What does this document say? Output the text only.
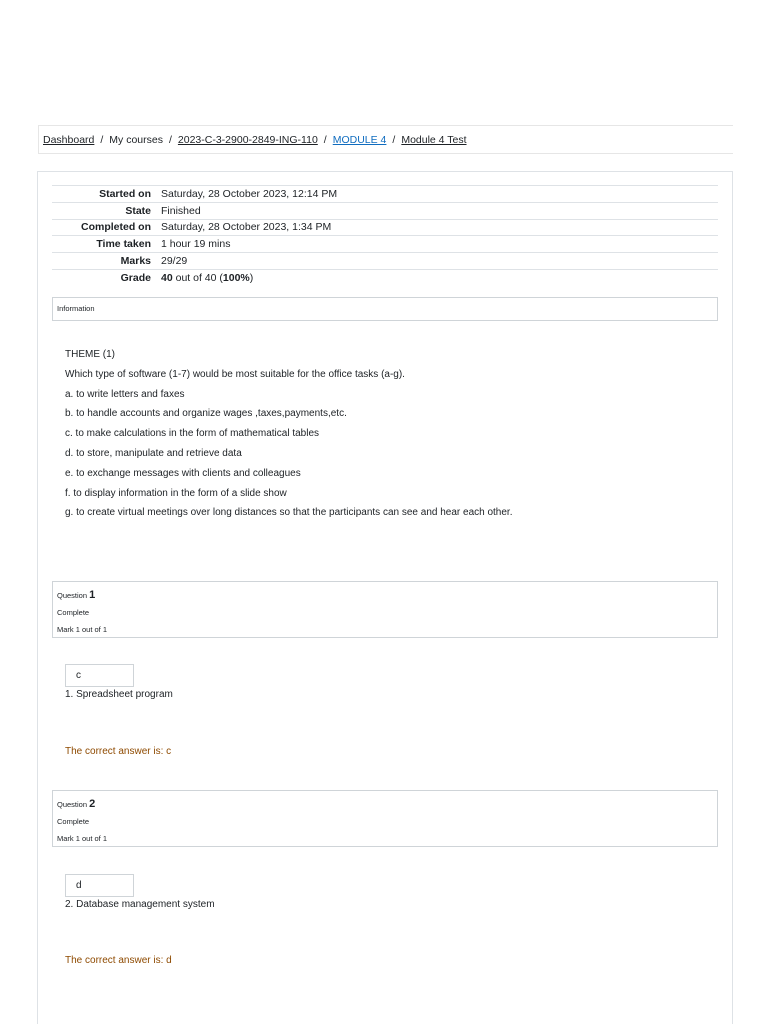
Dashboard / My courses / 2023-C-3-2900-2849-ING-110 / MODULE 4 / Module 4 Test
Started on	Saturday, 28 October 2023, 12:14 PM
State	Finished
Completed on	Saturday, 28 October 2023, 1:34 PM
Time taken	1 hour 19 mins
Marks	29/29
Grade	40 out of 40 (100%)
Information
THEME (1)
Which type of software (1-7) would be most suitable for the office tasks (a-g).
a. to write letters and faxes
b. to handle accounts and organize wages ,taxes,payments,etc.
c. to make calculations in the form of mathematical tables
d. to store, manipulate and retrieve data
e. to exchange messages with clients and colleagues
f. to display information in the form of a slide show
g. to create virtual meetings over long distances so that the participants can see and hear each other.
Question 1
Complete
Mark 1 out of 1
c
1. Spreadsheet program
The correct answer is: c
Question 2
Complete
Mark 1 out of 1
d
2. Database management system
The correct answer is: d
